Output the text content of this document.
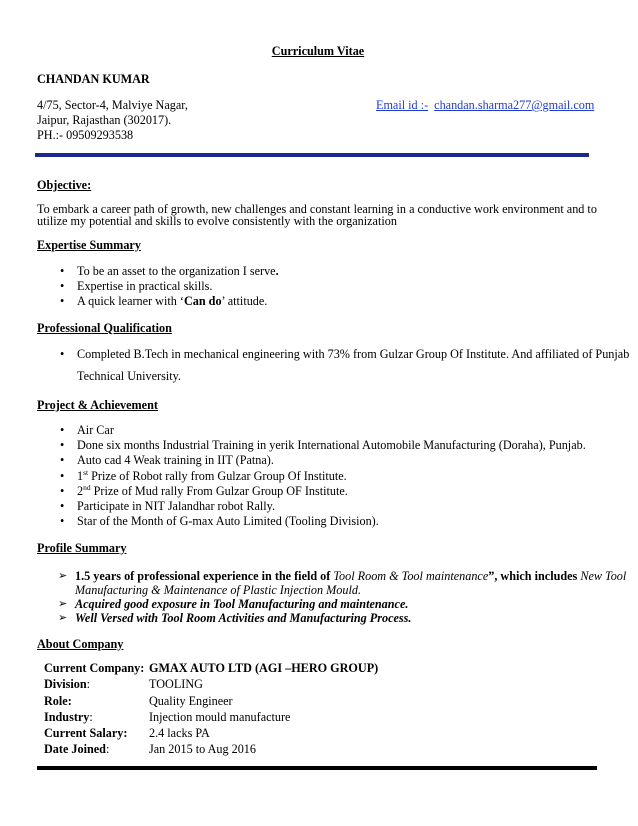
Curriculum Vitae
CHANDAN KUMAR
4/75, Sector-4, Malviye Nagar,
Jaipur, Rajasthan (302017).
PH.:- 09509293538
Email id :- chandan.sharma277@gmail.com
Objective:
To embark a career path of growth, new challenges and constant learning in a conductive work environment and to
utilize my potential and skills to evolve consistently with the organization
Expertise Summary
• To be an asset to the organization I serve.
• Expertise in practical skills.
• A quick learner with ‘Can do’ attitude.
Professional Qualification
• Completed B.Tech in mechanical engineering with 73% from Gulzar Group Of Institute. And affiliated of Punjab
Technical University.
Project & Achievement
• Air Car
• Done six months Industrial Training in yerik International Automobile Manufacturing (Doraha), Punjab.
• Auto cad 4 Weak training in IIT (Patna).
• 1st Prize of Robot rally from Gulzar Group Of Institute.
• 2nd Prize of Mud rally From Gulzar Group OF Institute.
• Participate in NIT Jalandhar robot Rally.
• Star of the Month of G-max Auto Limited (Tooling Division).
Profile Summary
➢ 1.5 years of professional experience in the field of Tool Room & Tool maintenance”, which includes New Tool
Manufacturing & Maintenance of Plastic Injection Mould.
➢ Acquired good exposure in Tool Manufacturing and maintenance.
➢ Well Versed with Tool Room Activities and Manufacturing Process.
About Company
Current Company:	GMAX AUTO LTD (AGI –HERO GROUP)
Division:	TOOLING
Role:	Quality Engineer
Industry:	Injection mould manufacture
Current Salary:	2.4 lacks PA
Date Joined:	Jan 2015 to Aug 2016
